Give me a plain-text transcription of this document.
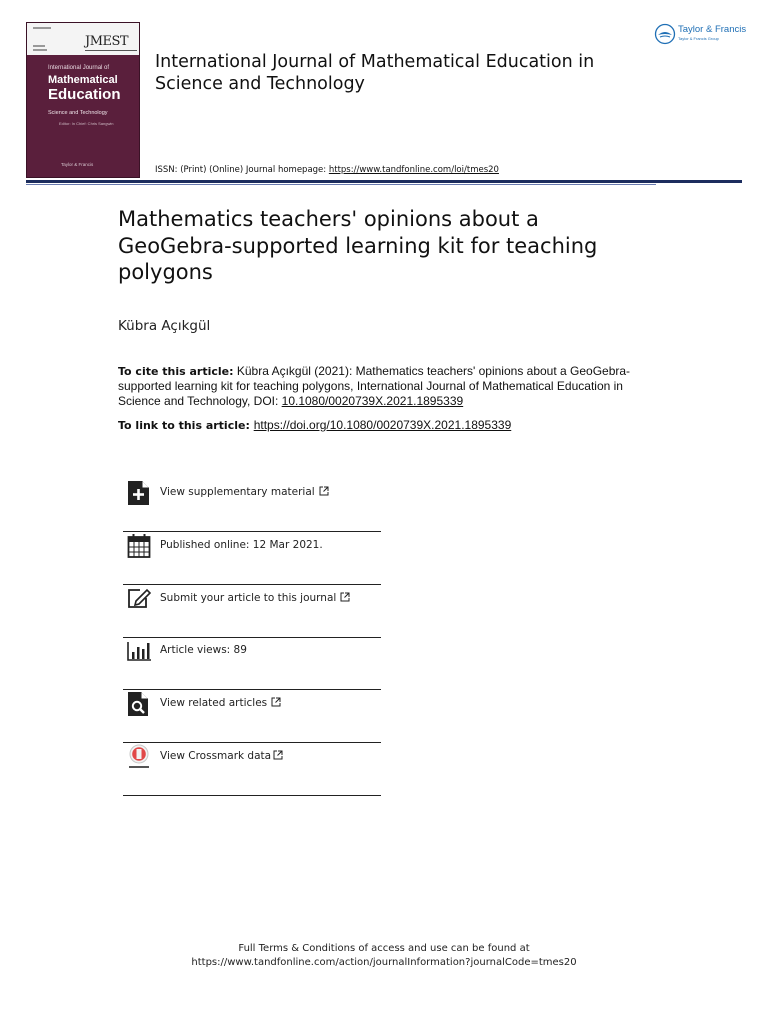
JMEST
International Journal of
Mathematical
Education
Science and Technology
Editor: In Chief: Chris Sangwin
Taylor & Francis
International Journal of Mathematical Education in Science and Technology
ISSN: (Print) (Online) Journal homepage: https://www.tandfonline.com/loi/tmes20
Taylor & Francis
Taylor & Francis Group
Mathematics teachers' opinions about a GeoGebra-supported learning kit for teaching polygons
Kübra Açıkgül
To cite this article: Kübra Açıkgül (2021): Mathematics teachers' opinions about a GeoGebra-supported learning kit for teaching polygons, International Journal of Mathematical Education in Science and Technology, DOI: 10.1080/0020739X.2021.1895339
To link to this article: https://doi.org/10.1080/0020739X.2021.1895339
View supplementary material
Published online: 12 Mar 2021.
Submit your article to this journal
Article views: 89
View related articles
View Crossmark data
Full Terms & Conditions of access and use can be found at
https://www.tandfonline.com/action/journalInformation?journalCode=tmes20
